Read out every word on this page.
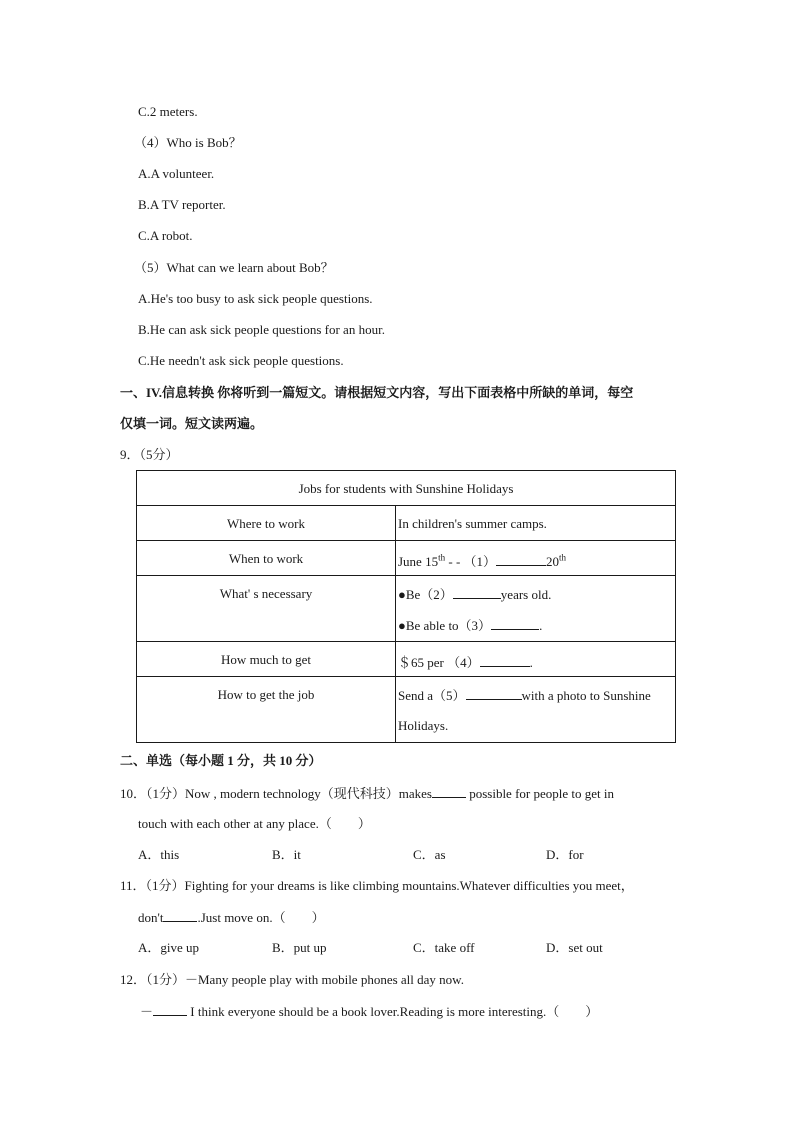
C.2 meters.
（4）Who is Bob？
A.A volunteer.
B.A TV reporter.
C.A robot.
（5）What can we learn about Bob？
A.He's too busy to ask sick people questions.
B.He can ask sick people questions for an hour.
C.He needn't ask sick people questions.
一、IV.信息转换 你将听到一篇短文。请根据短文内容，写出下面表格中所缺的单词，每空
仅填一词。短文读两遍。
9．（5分）
Jobs for students with Sunshine Holidays	
Where to work	In children's summer camps.
When to work	June 15th - - （1） 20th
What' s necessary	●Be（2） years old.
●Be able to（3） .

How much to get	＄65 per （4） .
How to get the job	Send a（5） with a photo to Sunshine
Holidays.
二、单选（每小题 1 分，共 10 分）
10．（1分）Now , modern technology（现代科技）makes	possible for people to get in
touch with each other at any place.（　　）
A．this	B．it	C．as	D．for
11．（1分）Fighting for your dreams is like climbing mountains.Whatever difficulties you meet，
don't	.Just move on.（　　）
A．give up	B．put up	C．take off	D．set out
12．（1分）－Many people play with mobile phones all day now.
－	I think everyone should be a book lover.Reading is more interesting.（　　）
